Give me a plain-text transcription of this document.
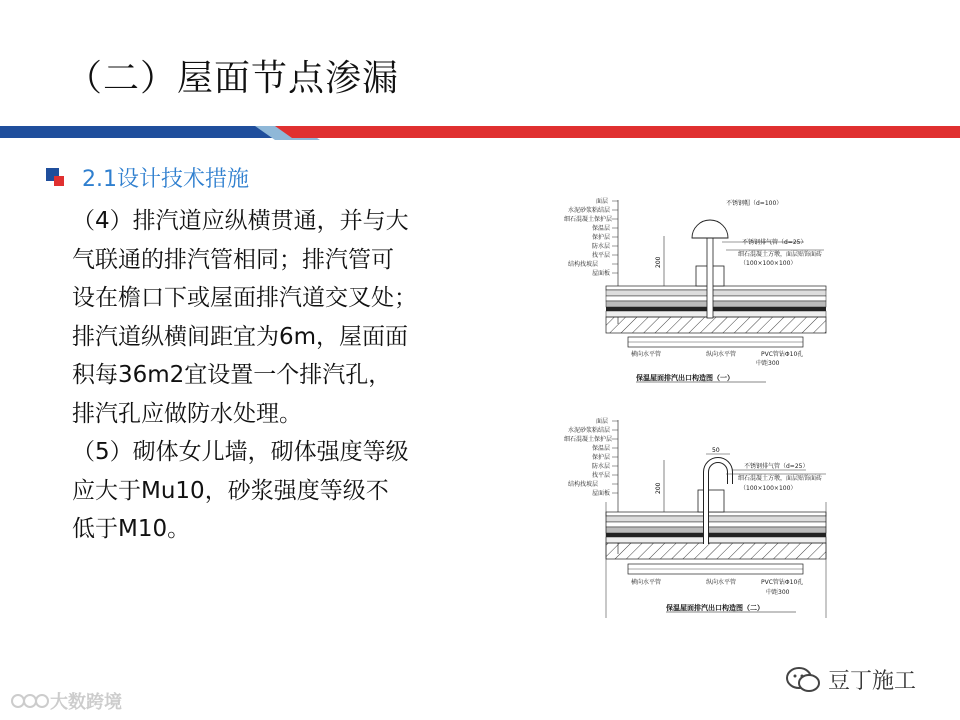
（二）屋面节点渗漏
2.1设计技术措施

（4）排汽道应纵横贯通，并与大

气联通的排汽管相同；排汽管可

设在檐口下或屋面排汽道交叉处；

排汽道纵横间距宜为6m，屋面面

积每36m2宜设置一个排汽孔，

排汽孔应做防水处理。

（5）砌体女儿墙，砌体强度等级

应大于Mu10，砂浆强度等级不

低于M10。

面层
水泥砂浆粘结层
细石混凝土保护层
保温层
保护层
防水层
找平层
结构找坡层
屋面板
200
不锈钢帽（d=100）
不锈钢排气管（d=25）
细石混凝土方墩，面层贴饰面砖
（100×100×100）
横向水平管	纵向水平管	PVC管钻Φ10孔
中距300
保温屋面排汽出口构造图（一）
面层
水泥砂浆粘结层
细石混凝土保护层
保温层
保护层
防水层
找平层
结构找坡层
屋面板
50
200
不锈钢排气管（d=25）
细石混凝土方墩，面层贴饰面砖
（100×100×100）
横向水平管	纵向水平管	PVC管钻Φ10孔
中距300
保温屋面排汽出口构造图（二）
大数跨境
豆丁施工
